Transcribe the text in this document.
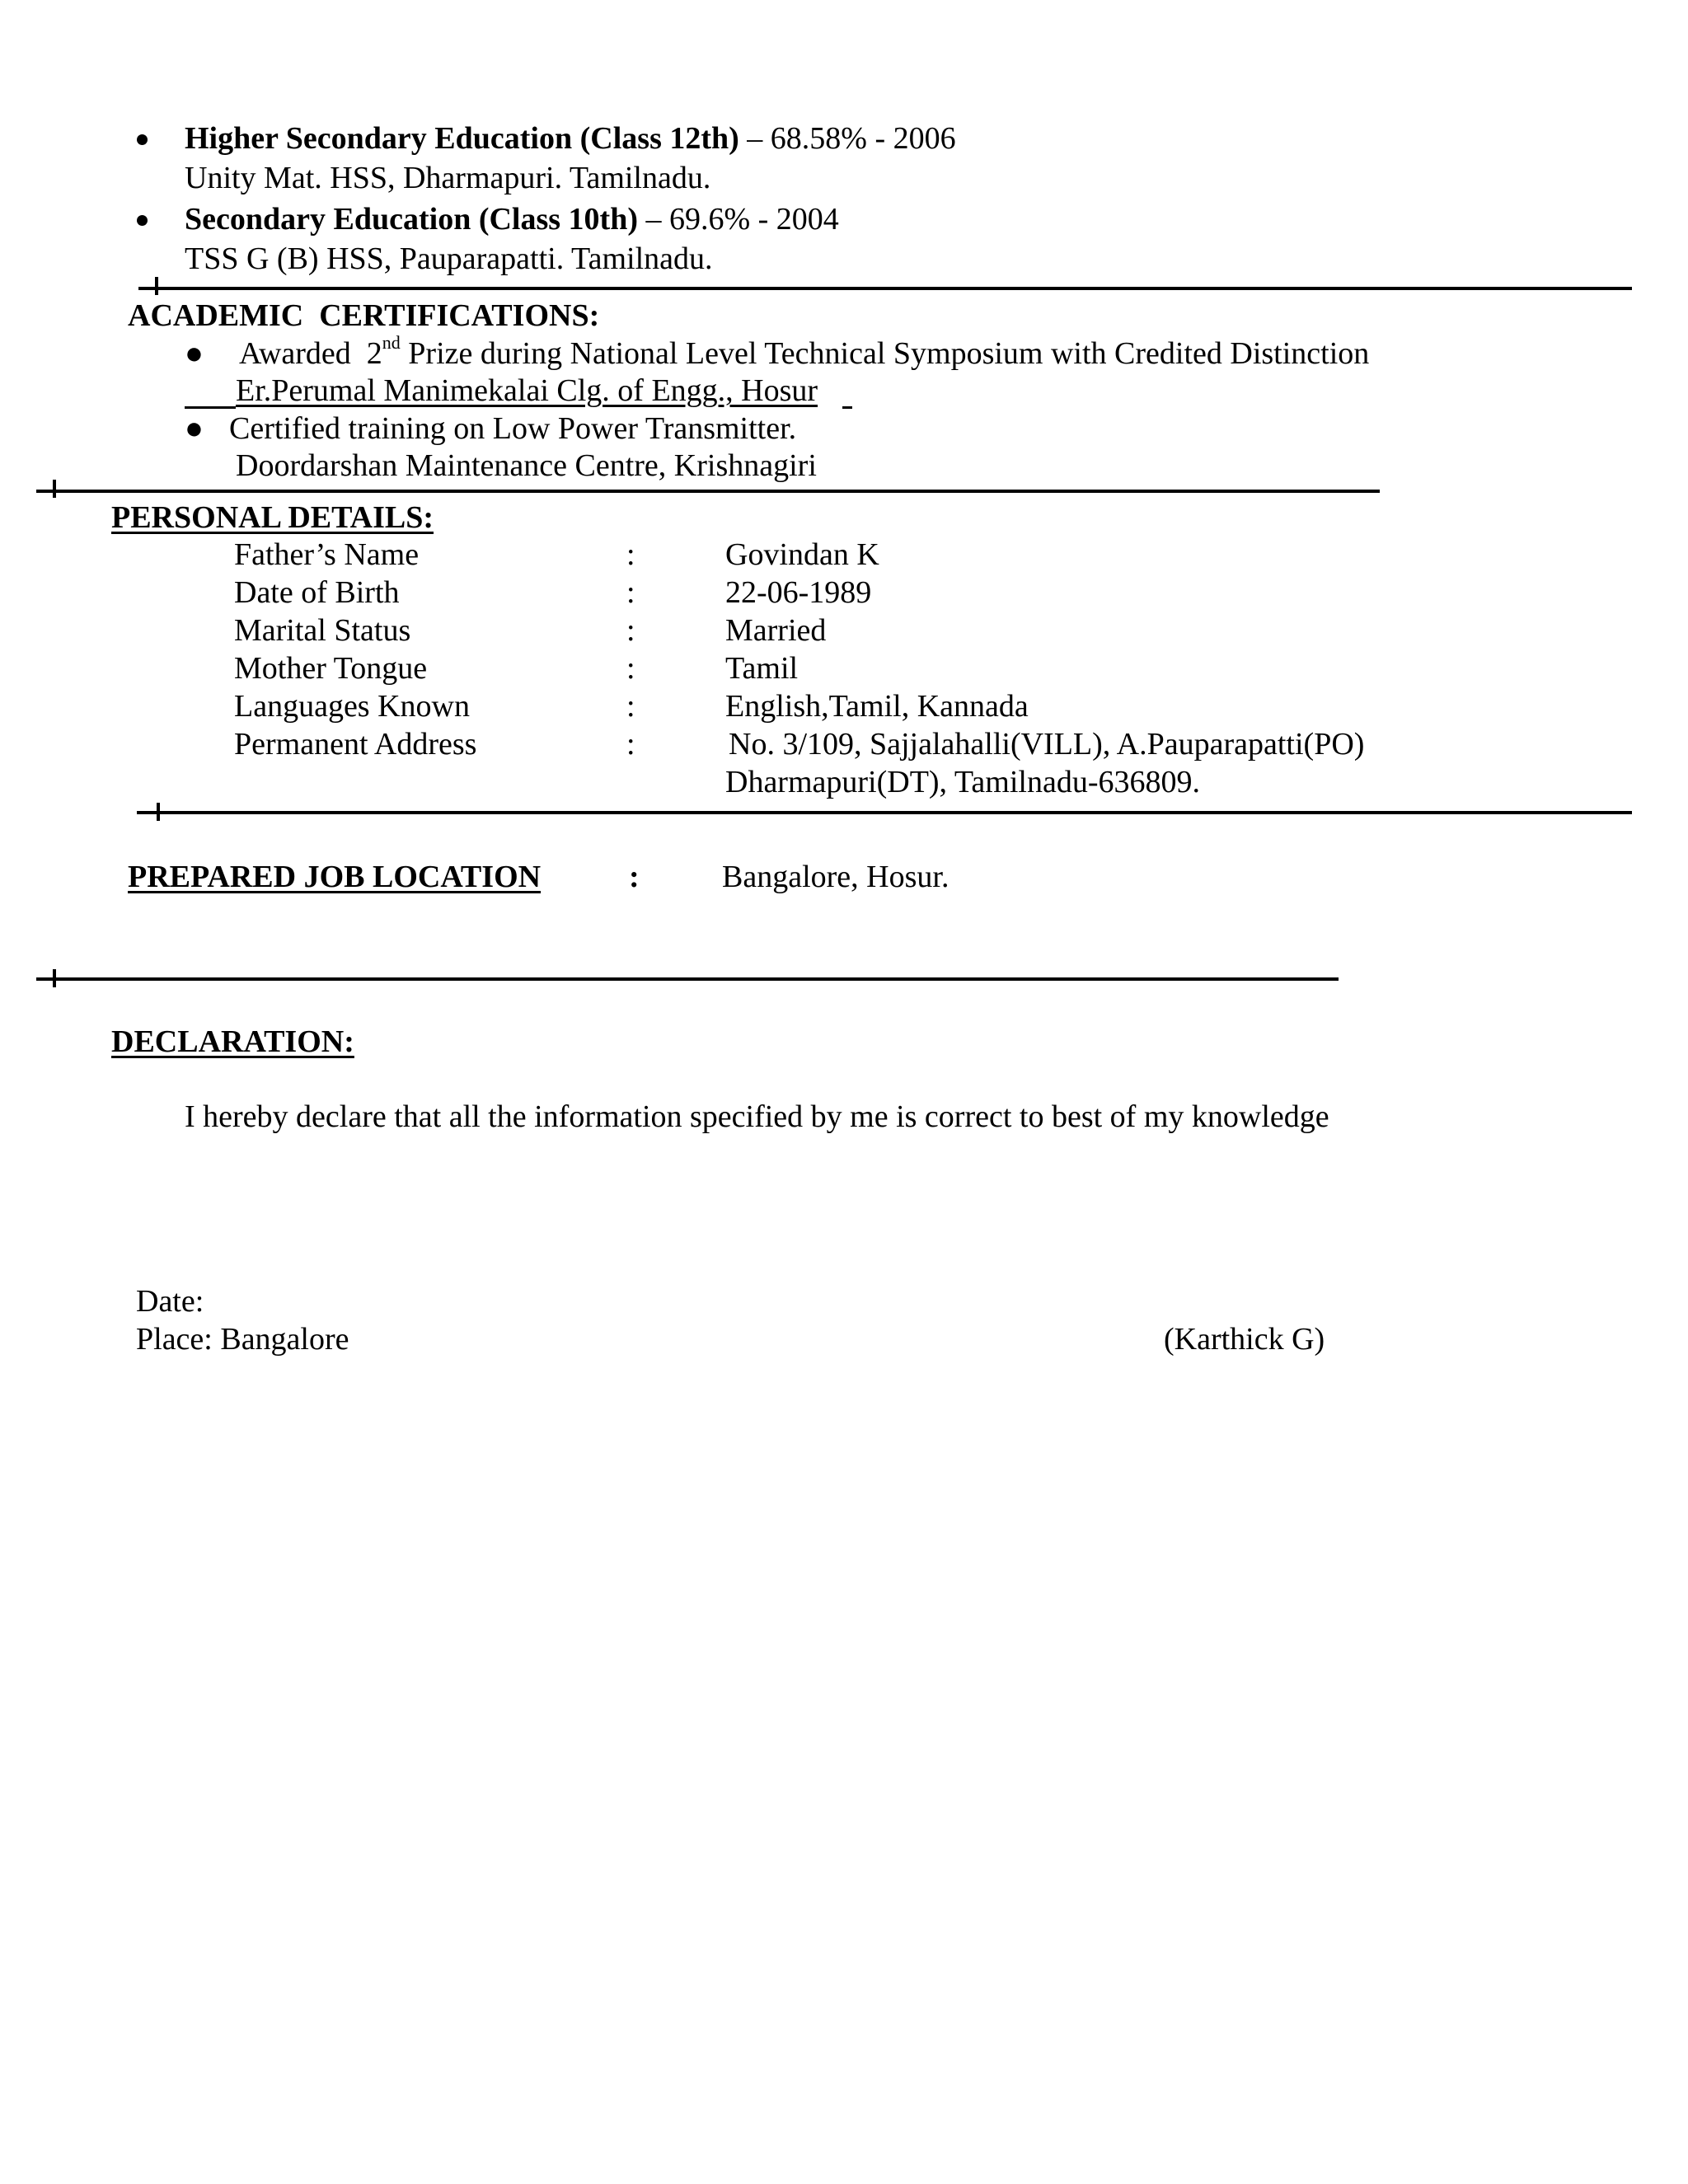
Higher Secondary Education (Class 12th) – 68.58% - 2006
Unity Mat. HSS, Dharmapuri. Tamilnadu.
Secondary Education (Class 10th) – 69.6% - 2004
TSS G (B) HSS, Pauparapatti. Tamilnadu.
ACADEMIC  CERTIFICATIONS:
● Awarded  2nd Prize during National Level Technical Symposium with Credited Distinction
Er.Perumal Manimekalai Clg. of Engg., Hosur
● Certified training on Low Power Transmitter.
Doordarshan Maintenance Centre, Krishnagiri
PERSONAL DETAILS:
Father’s Name	:	Govindan K
Date of Birth	:	22-06-1989
Marital Status	:	Married
Mother Tongue	:	Tamil
Languages Known	:	English,Tamil, Kannada
Permanent Address	:	No. 3/109, Sajjalahalli(VILL), A.Pauparapatti(PO)
Dharmapuri(DT), Tamilnadu-636809.
PREPARED JOB LOCATION	:	Bangalore, Hosur.
DECLARATION:
I hereby declare that all the information specified by me is correct to best of my knowledge
Date:
Place: Bangalore	(Karthick G)
